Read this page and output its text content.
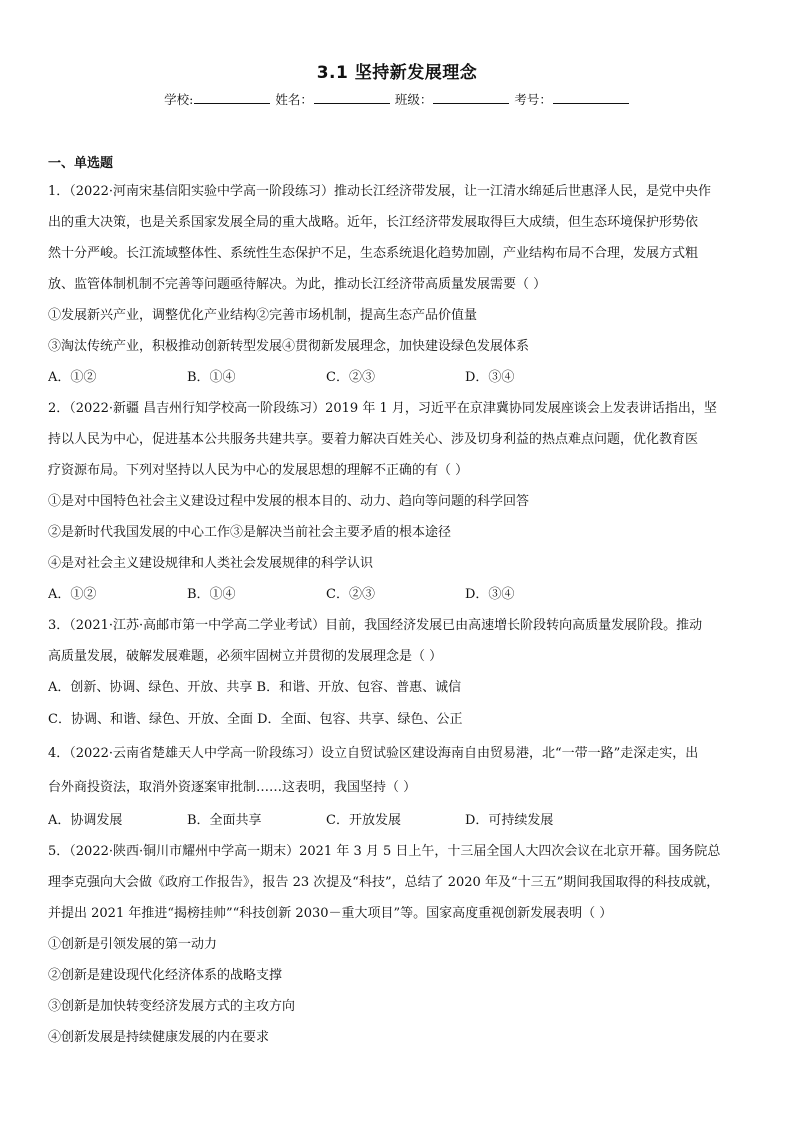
3.1 坚持新发展理念
学校:	姓名：	班级：	考号：
一、单选题
1．（2022·河南宋基信阳实验中学高一阶段练习）推动长江经济带发展，让一江清水绵延后世惠泽人民，是党中央作
出的重大决策，也是关系国家发展全局的重大战略。近年，长江经济带发展取得巨大成绩，但生态环境保护形势依
然十分严峻。长江流域整体性、系统性生态保护不足，生态系统退化趋势加剧，产业结构布局不合理，发展方式粗
放、监管体制机制不完善等问题亟待解决。为此，推动长江经济带高质量发展需要（ ）
①发展新兴产业，调整优化产业结构②完善市场机制，提高生态产品价值量
③淘汰传统产业，积极推动创新转型发展④贯彻新发展理念，加快建设绿色发展体系
A．①②	B．①④	C．②③	D．③④
2．（2022·新疆 昌吉州行知学校高一阶段练习）2019 年 1 月，习近平在京津冀协同发展座谈会上发表讲话指出，坚
持以人民为中心，促进基本公共服务共建共享。要着力解决百姓关心、涉及切身利益的热点难点问题，优化教育医
疗资源布局。下列对坚持以人民为中心的发展思想的理解不正确的有（ ）
①是对中国特色社会主义建设过程中发展的根本目的、动力、趋向等问题的科学回答
②是新时代我国发展的中心工作③是解决当前社会主要矛盾的根本途径
④是对社会主义建设规律和人类社会发展规律的科学认识
A．①②	B．①④	C．②③	D．③④
3．（2021·江苏·高邮市第一中学高二学业考试）目前，我国经济发展已由高速增长阶段转向高质量发展阶段。推动
高质量发展，破解发展难题，必须牢固树立并贯彻的发展理念是（ ）
A．创新、协调、绿色、开放、共享 B．和谐、开放、包容、普惠、诚信
C．协调、和谐、绿色、开放、全面 D．全面、包容、共享、绿色、公正
4．（2022·云南省楚雄天人中学高一阶段练习）设立自贸试验区建设海南自由贸易港，北“一带一路”走深走实，出
台外商投资法，取消外资逐案审批制……这表明，我国坚持（ ）
A．协调发展	B．全面共享	C．开放发展	D．可持续发展
5．（2022·陕西·铜川市耀州中学高一期末）2021 年 3 月 5 日上午，十三届全国人大四次会议在北京开幕。国务院总
理李克强向大会做《政府工作报告》，报告 23 次提及“科技”，总结了 2020 年及“十三五”期间我国取得的科技成就，
并提出 2021 年推进“揭榜挂帅”“科技创新 2030－重大项目”等。国家高度重视创新发展表明（ ）
①创新是引领发展的第一动力
②创新是建设现代化经济体系的战略支撑
③创新是加快转变经济发展方式的主攻方向
④创新发展是持续健康发展的内在要求
